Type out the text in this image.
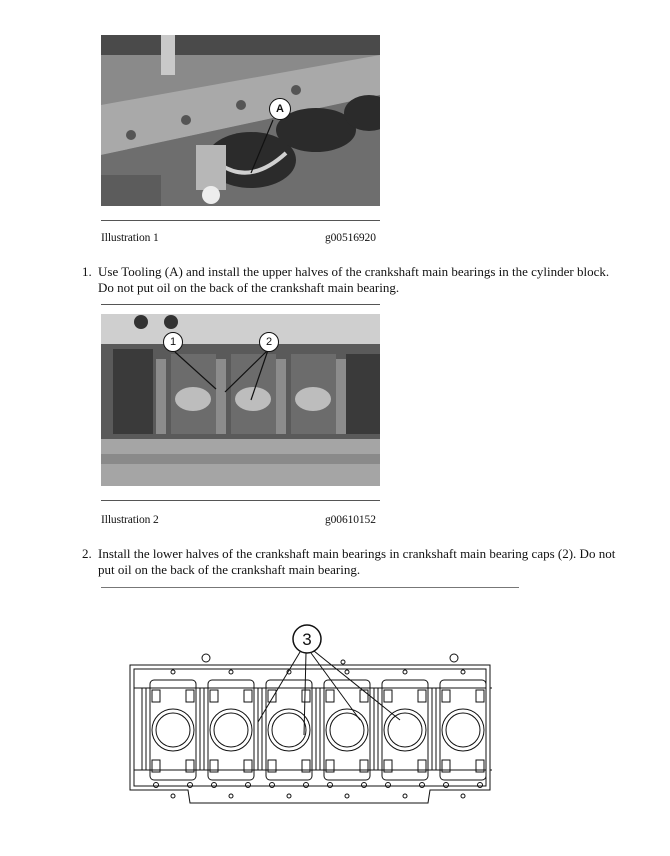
A
Illustration 1	g00516920
1. Use Tooling (A) and install the upper halves of the crankshaft main bearings in the cylinder block. Do not put oil on the back of the crankshaft main bearing.
1	2
Illustration 2	g00610152
2. Install the lower halves of the crankshaft main bearings in crankshaft main bearing caps (2). Do not put oil on the back of the crankshaft main bearing.
3
